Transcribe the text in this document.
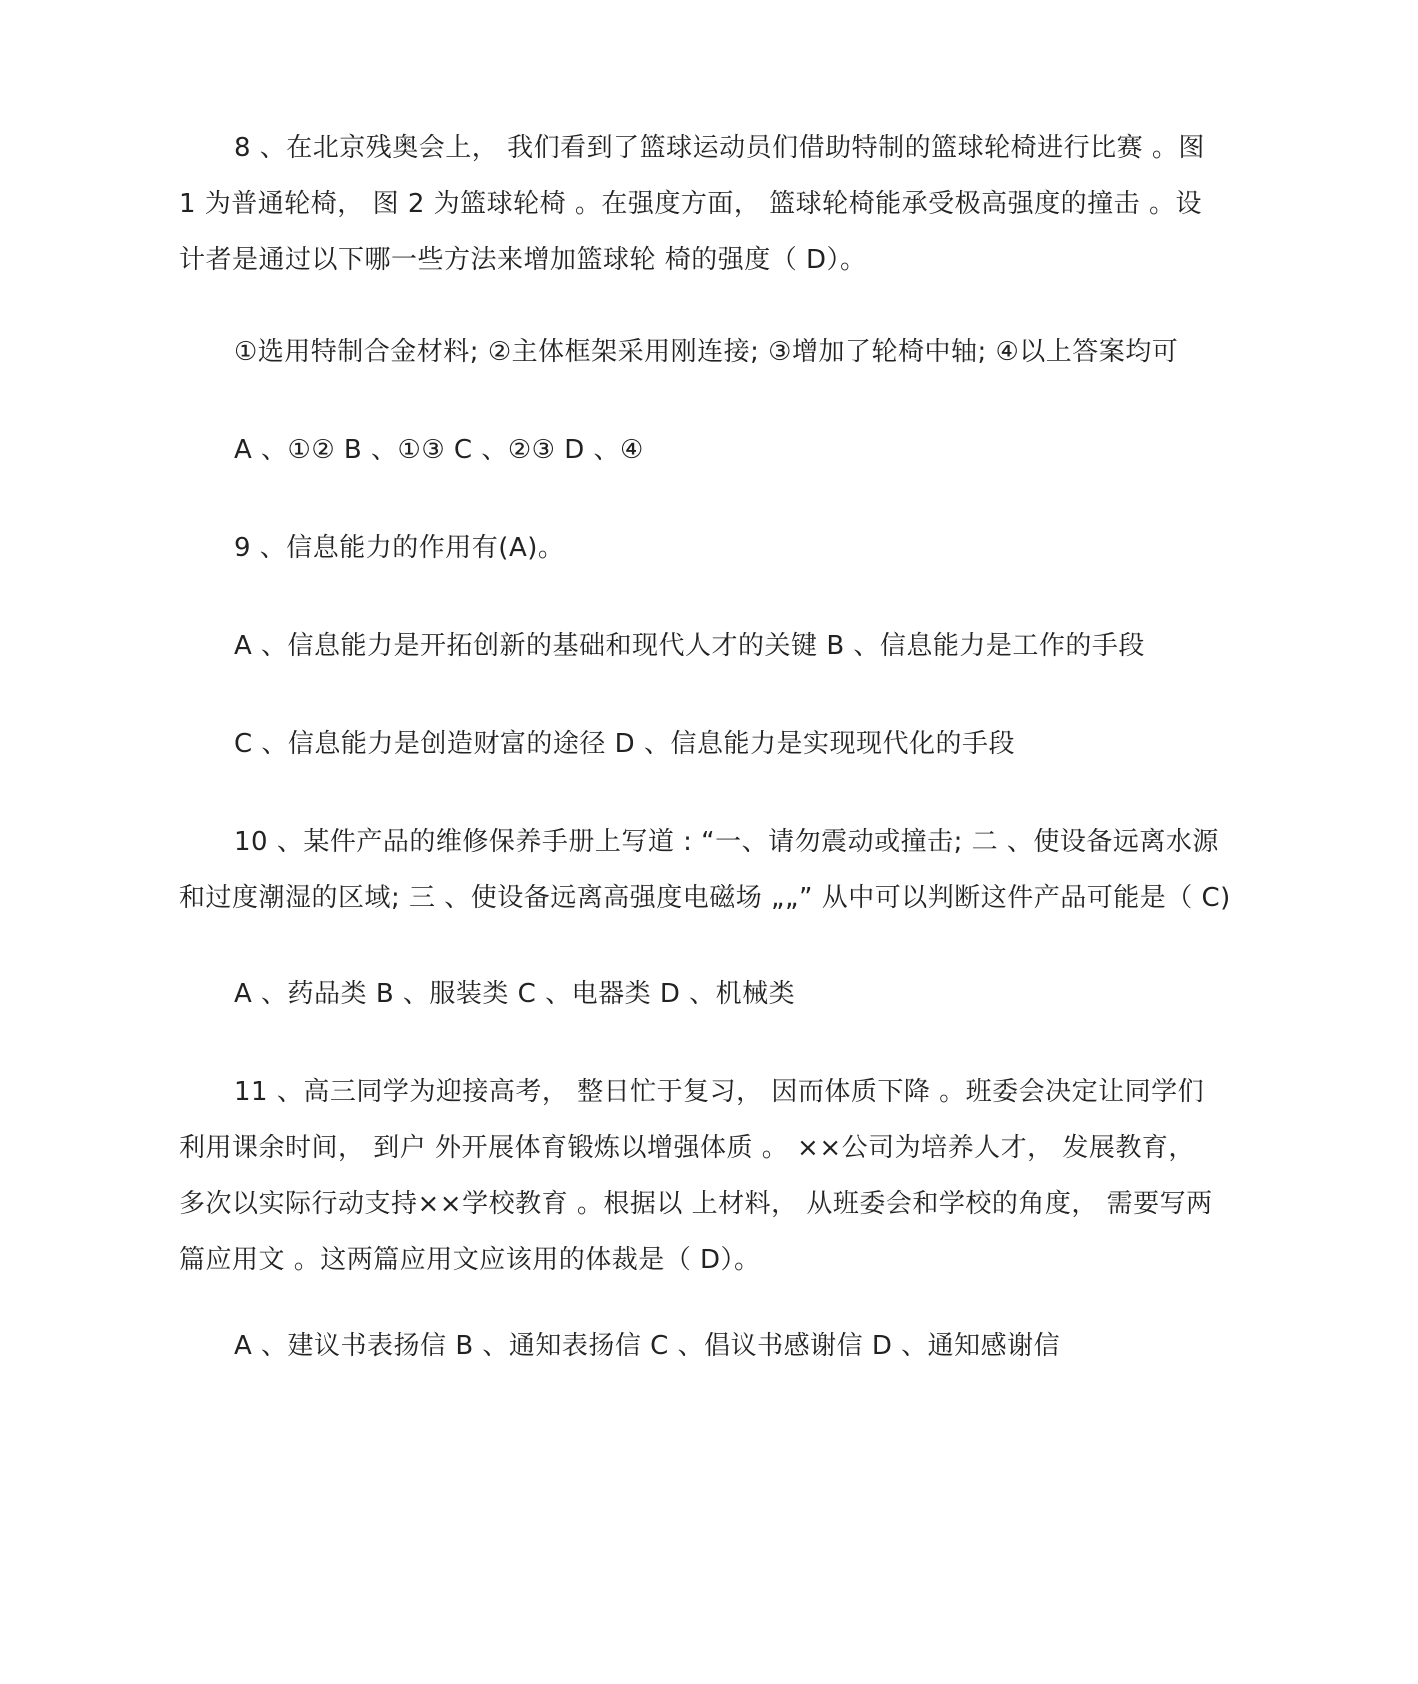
8 、在北京残奥会上， 我们看到了篮球运动员们借助特制的篮球轮椅进行比赛 。图
1 为普通轮椅， 图 2 为篮球轮椅 。在强度方面， 篮球轮椅能承受极高强度的撞击 。设
计者是通过以下哪一些方法来增加篮球轮 椅的强度（ D）。
①选用特制合金材料; ②主体框架采用刚连接; ③增加了轮椅中轴; ④以上答案均可
A 、①② B 、①③ C 、②③ D 、④
9 、信息能力的作用有(A)。
A 、信息能力是开拓创新的基础和现代人才的关键 B 、信息能力是工作的手段
C 、信息能力是创造财富的途径 D 、信息能力是实现现代化的手段
10 、某件产品的维修保养手册上写道 : “一、请勿震动或撞击; 二 、使设备远离水源
和过度潮湿的区域; 三 、使设备远离高强度电磁场 „„” 从中可以判断这件产品可能是（ C)
A 、药品类 B 、服装类 C 、电器类 D 、机械类
11 、高三同学为迎接高考， 整日忙于复习， 因而体质下降 。班委会决定让同学们
利用课余时间， 到户 外开展体育锻炼以增强体质 。 ××公司为培养人才， 发展教育，
多次以实际行动支持××学校教育 。根据以 上材料， 从班委会和学校的角度， 需要写两
篇应用文 。这两篇应用文应该用的体裁是（ D）。
A 、建议书表扬信 B 、通知表扬信 C 、倡议书感谢信 D 、通知感谢信
